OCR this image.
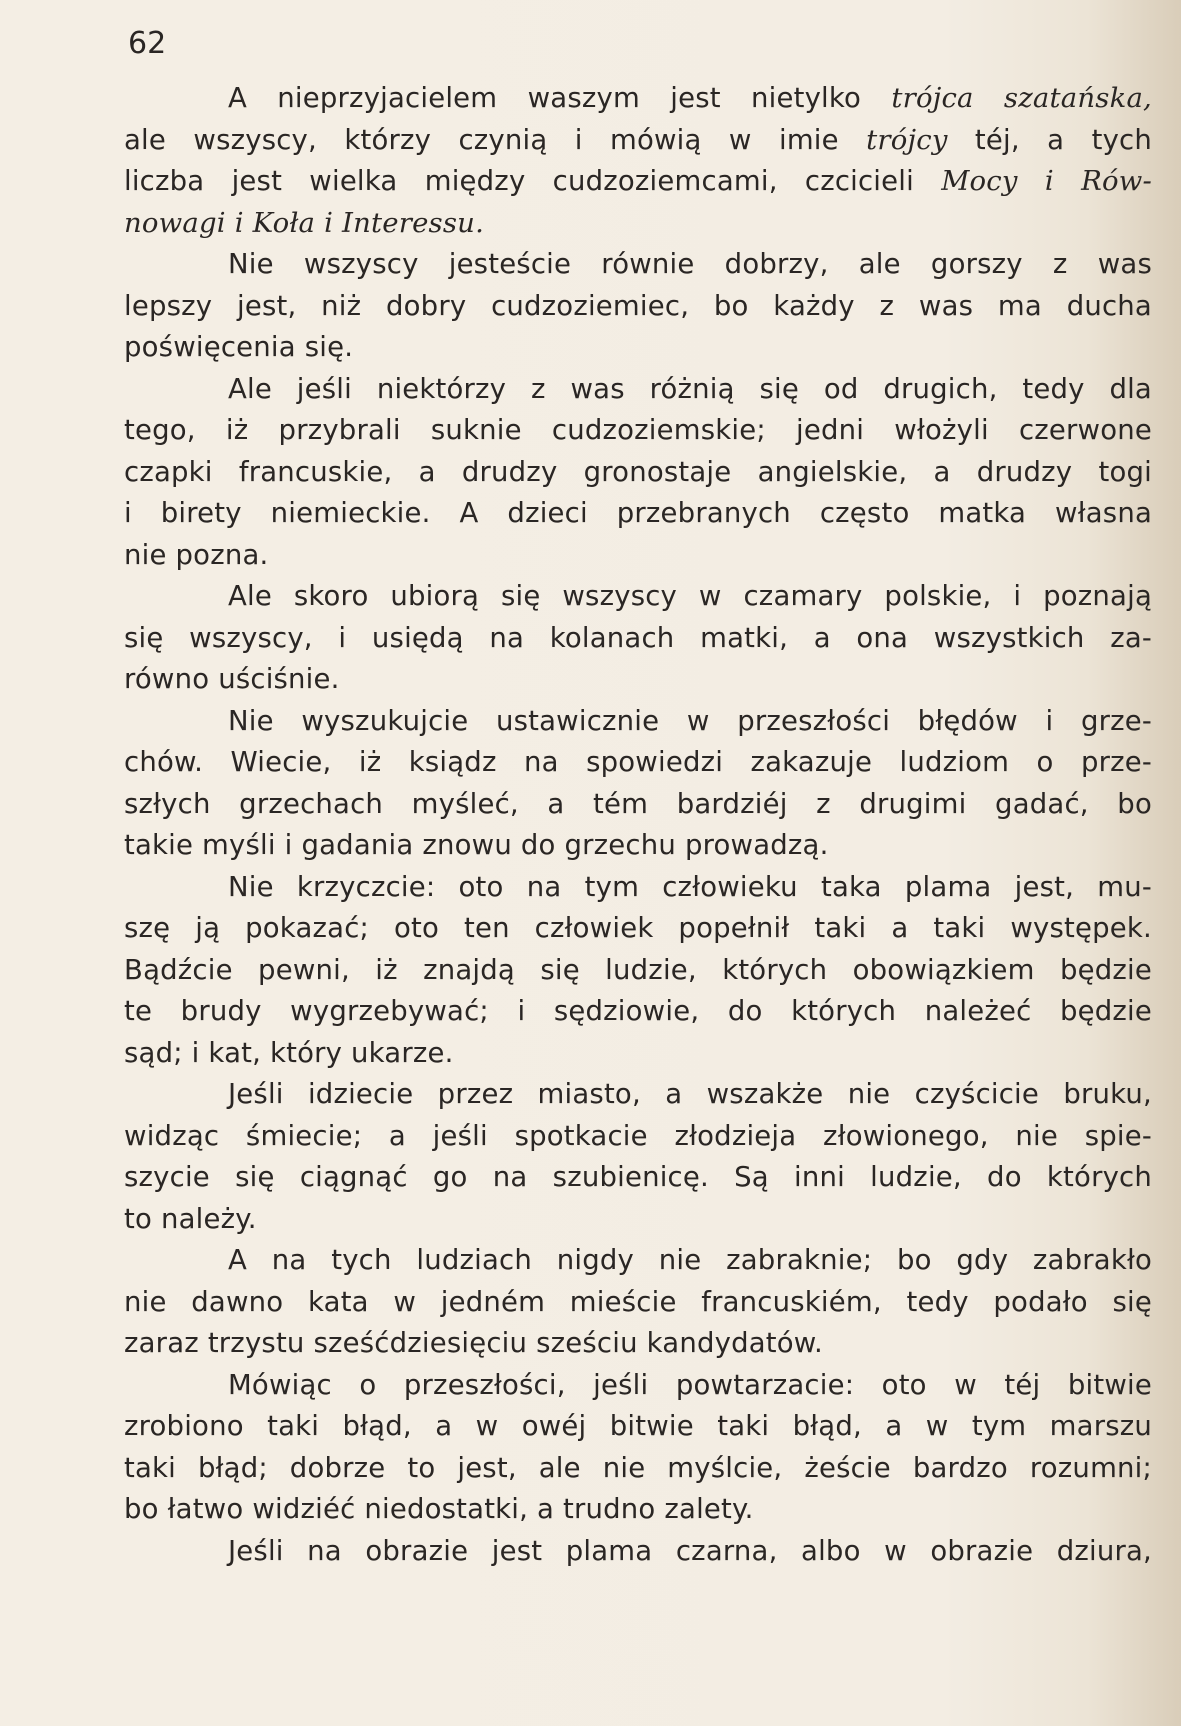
62
A nieprzyjacielem waszym jest nietylko trójca szatańska,
ale wszyscy, którzy czynią i mówią w imie trójcy téj, a tych
liczba jest wielka między cudzoziemcami, czcicieli Mocy i Rów-
nowagi i Koła i Interessu.
Nie wszyscy jesteście równie dobrzy, ale gorszy z was
lepszy jest, niż dobry cudzoziemiec, bo każdy z was ma ducha
poświęcenia się.
Ale jeśli niektórzy z was różnią się od drugich, tedy dla
tego, iż przybrali suknie cudzoziemskie; jedni włożyli czerwone
czapki francuskie, a drudzy gronostaje angielskie, a drudzy togi
i birety niemieckie. A dzieci przebranych często matka własna
nie pozna.
Ale skoro ubiorą się wszyscy w czamary polskie, i poznają
się wszyscy, i usiędą na kolanach matki, a ona wszystkich za-
równo uściśnie.
Nie wyszukujcie ustawicznie w przeszłości błędów i grze-
chów. Wiecie, iż ksiądz na spowiedzi zakazuje ludziom o prze-
szłych grzechach myśleć, a tém bardziéj z drugimi gadać, bo
takie myśli i gadania znowu do grzechu prowadzą.
Nie krzyczcie: oto na tym człowieku taka plama jest, mu-
szę ją pokazać; oto ten człowiek popełnił taki a taki występek.
Bądźcie pewni, iż znajdą się ludzie, których obowiązkiem będzie
te brudy wygrzebywać; i sędziowie, do których należeć będzie
sąd; i kat, który ukarze.
Jeśli idziecie przez miasto, a wszakże nie czyścicie bruku,
widząc śmiecie; a jeśli spotkacie złodzieja złowionego, nie spie-
szycie się ciągnąć go na szubienicę. Są inni ludzie, do których
to należy.
A na tych ludziach nigdy nie zabraknie; bo gdy zabrakło
nie dawno kata w jedném mieście francuskiém, tedy podało się
zaraz trzystu sześćdziesięciu sześciu kandydatów.
Mówiąc o przeszłości, jeśli powtarzacie: oto w téj bitwie
zrobiono taki błąd, a w owéj bitwie taki błąd, a w tym marszu
taki błąd; dobrze to jest, ale nie myślcie, żeście bardzo rozumni;
bo łatwo widziéć niedostatki, a trudno zalety.
Jeśli na obrazie jest plama czarna, albo w obrazie dziura,
